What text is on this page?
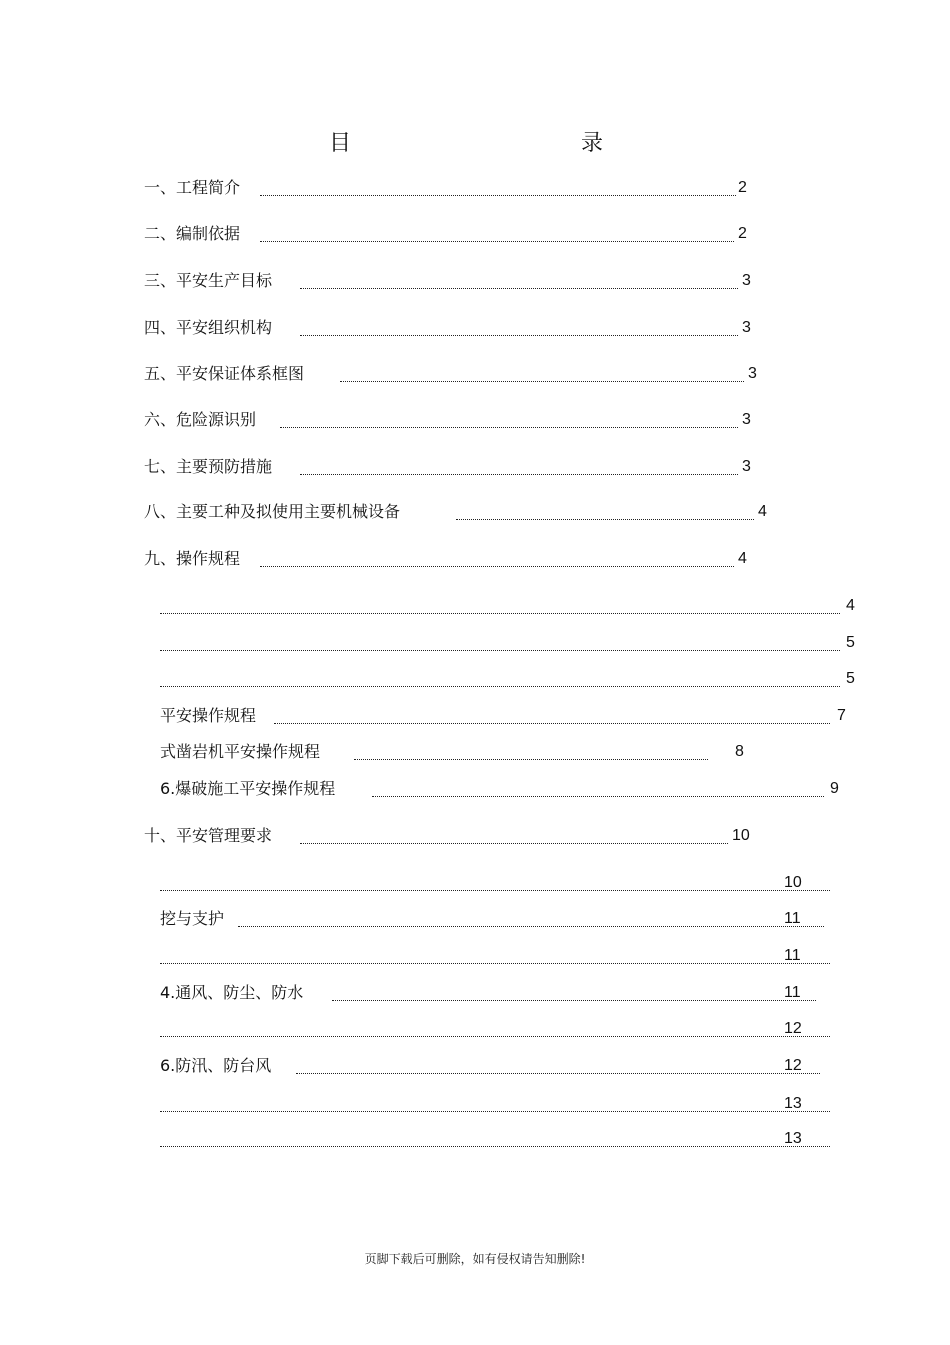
目　　录
一、工程简介	2
二、编制依据	2
三、平安生产目标	3
四、平安组织机构	3
五、平安保证体系框图	3
六、危险源识别	3
七、主要预防措施	3
八、主要工种及拟使用主要机械设备	4
九、操作规程	4
4
5
5
平安操作规程	7
式凿岩机平安操作规程	8
6.爆破施工平安操作规程	9
十、平安管理要求	10
10
挖与支护	11
11
4.通风、防尘、防水	11
12
6.防汛、防台风	12
13
13
页脚下载后可删除，如有侵权请告知删除!
